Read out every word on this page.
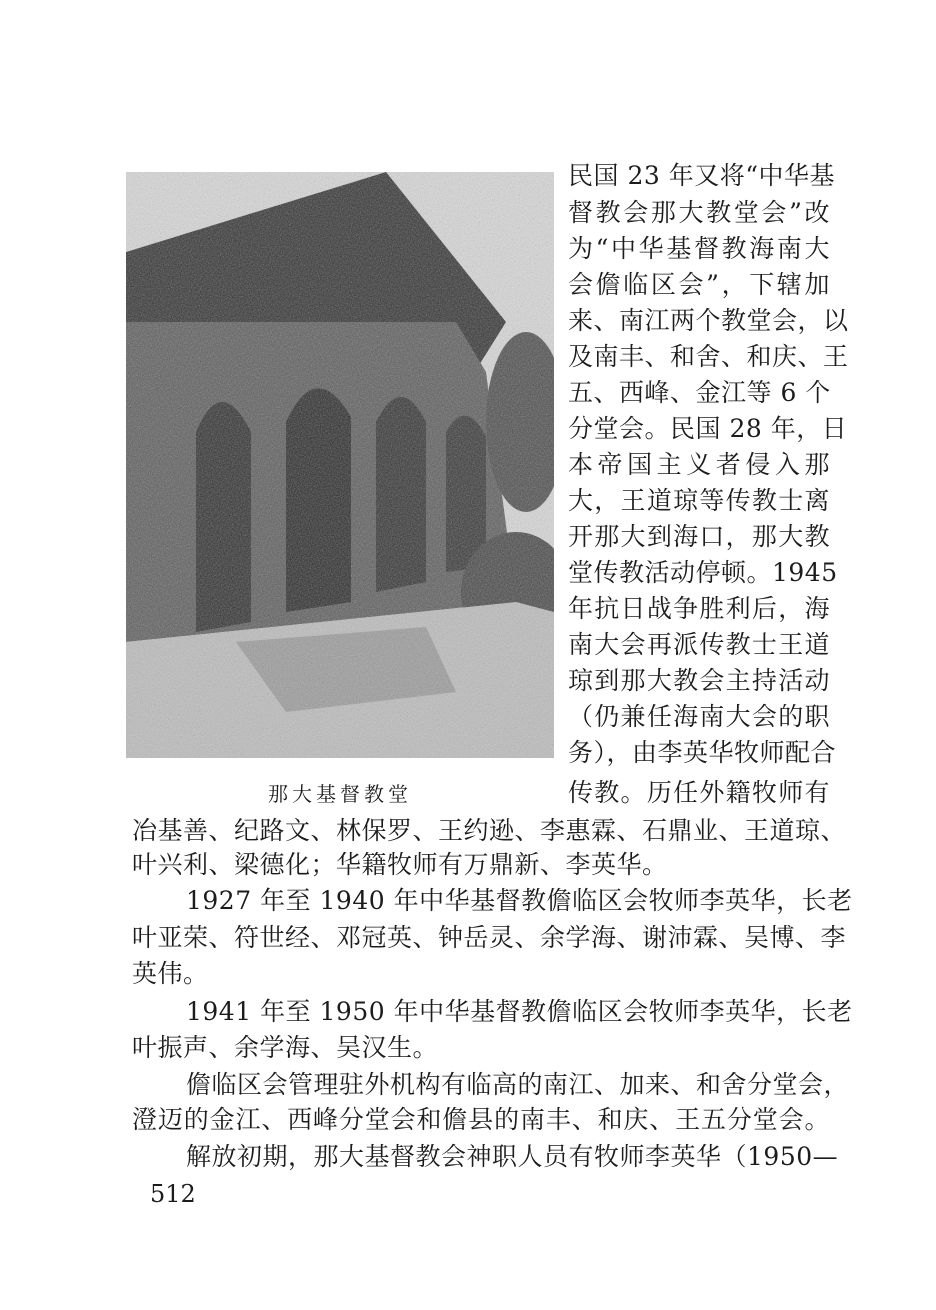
那大基督教堂
民国 23 年又将“中华基
督教会那大教堂会”改
为“中华基督教海南大
会儋临区会”，下辖加
来、南江两个教堂会，以
及南丰、和舍、和庆、王
五、西峰、金江等 6 个
分堂会。民国 28 年，日
本帝国主义者侵入那
大，王道琼等传教士离
开那大到海口，那大教
堂传教活动停顿。1945
年抗日战争胜利后，海
南大会再派传教士王道
琼到那大教会主持活动
（仍兼任海南大会的职
务），由李英华牧师配合
传教。历任外籍牧师有
冶基善、纪路文、林保罗、王约逊、李惠霖、石鼎业、王道琼、
叶兴利、梁德化；华籍牧师有万鼎新、李英华。
1927 年至 1940 年中华基督教儋临区会牧师李英华，长老
叶亚荣、符世经、邓冠英、钟岳灵、余学海、谢沛霖、吴博、李
英伟。
1941 年至 1950 年中华基督教儋临区会牧师李英华，长老
叶振声、余学海、吴汉生。
儋临区会管理驻外机构有临高的南江、加来、和舍分堂会，
澄迈的金江、西峰分堂会和儋县的南丰、和庆、王五分堂会。
解放初期，那大基督教会神职人员有牧师李英华（1950—
512
